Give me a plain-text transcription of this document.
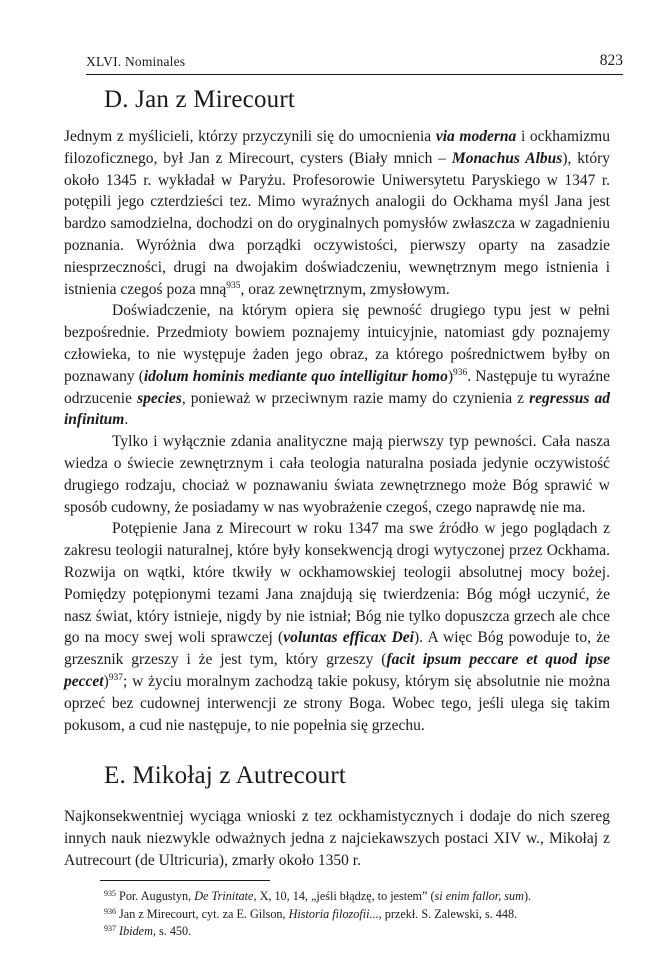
XLVI. Nominales	823
D. Jan z Mirecourt

Jednym z myślicieli, którzy przyczynili się do umocnienia via moderna i ockhamizmu filozoficznego, był Jan z Mirecourt, cysters (Biały mnich – Monachus Albus), który około 1345 r. wykładał w Paryżu. Profesorowie Uniwersytetu Paryskiego w 1347 r. potępili jego czterdzieści tez. Mimo wyraźnych analogii do Ockhama myśl Jana jest bardzo samodzielna, dochodzi on do oryginalnych pomysłów zwłaszcza w zagadnieniu poznania. Wyróżnia dwa porządki oczywistości, pierwszy oparty na zasadzie niesprzeczności, drugi na dwojakim doświadczeniu, wewnętrznym mego istnienia i istnienia czegoś poza mną$^{935}$, oraz zewnętrznym, zmysłowym.

Doświadczenie, na którym opiera się pewność drugiego typu jest w pełni bezpośrednie. Przedmioty bowiem poznajemy intuicyjnie, natomiast gdy poznajemy człowieka, to nie występuje żaden jego obraz, za którego pośrednictwem byłby on poznawany (idolum hominis mediante quo intelligitur homo)$^{936}$. Następuje tu wyraźne odrzucenie species, ponieważ w przeciwnym razie mamy do czynienia z regressus ad infinitum.

Tylko i wyłącznie zdania analityczne mają pierwszy typ pewności. Cała nasza wiedza o świecie zewnętrznym i cała teologia naturalna posiada jedynie oczywistość drugiego rodzaju, chociaż w poznawaniu świata zewnętrznego może Bóg sprawić w sposób cudowny, że posiadamy w nas wyobrażenie czegoś, czego naprawdę nie ma.

Potępienie Jana z Mirecourt w roku 1347 ma swe źródło w jego poglądach z zakresu teologii naturalnej, które były konsekwencją drogi wytyczonej przez Ockhama. Rozwija on wątki, które tkwiły w ockhamowskiej teologii absolutnej mocy bożej. Pomiędzy potępionymi tezami Jana znajdują się twierdzenia: Bóg mógł uczynić, że nasz świat, który istnieje, nigdy by nie istniał; Bóg nie tylko dopuszcza grzech ale chce go na mocy swej woli sprawczej (voluntas efficax Dei). A więc Bóg powoduje to, że grzesznik grzeszy i że jest tym, który grzeszy (facit ipsum peccare et quod ipse peccet)$^{937}$; w życiu moralnym zachodzą takie pokusy, którym się absolutnie nie można oprzeć bez cudownej interwencji ze strony Boga. Wobec tego, jeśli ulega się takim pokusom, a cud nie następuje, to nie popełnia się grzechu.

E. Mikołaj z Autrecourt

Najkonsekwentniej wyciąga wnioski z tez ockhamistycznych i dodaje do nich szereg innych nauk niezwykle odważnych jedna z najciekawszych postaci XIV w., Mikołaj z Autrecourt (de Ultricuria), zmarły około 1350 r.

$^{935}$ Por. Augustyn, De Trinitate, X, 10, 14, „jeśli błądzę, to jestem” (si enim fallor, sum).
$^{936}$ Jan z Mirecourt, cyt. za E. Gilson, Historia filozofii..., przekł. S. Zalewski, s. 448.
$^{937}$ Ibidem, s. 450.
